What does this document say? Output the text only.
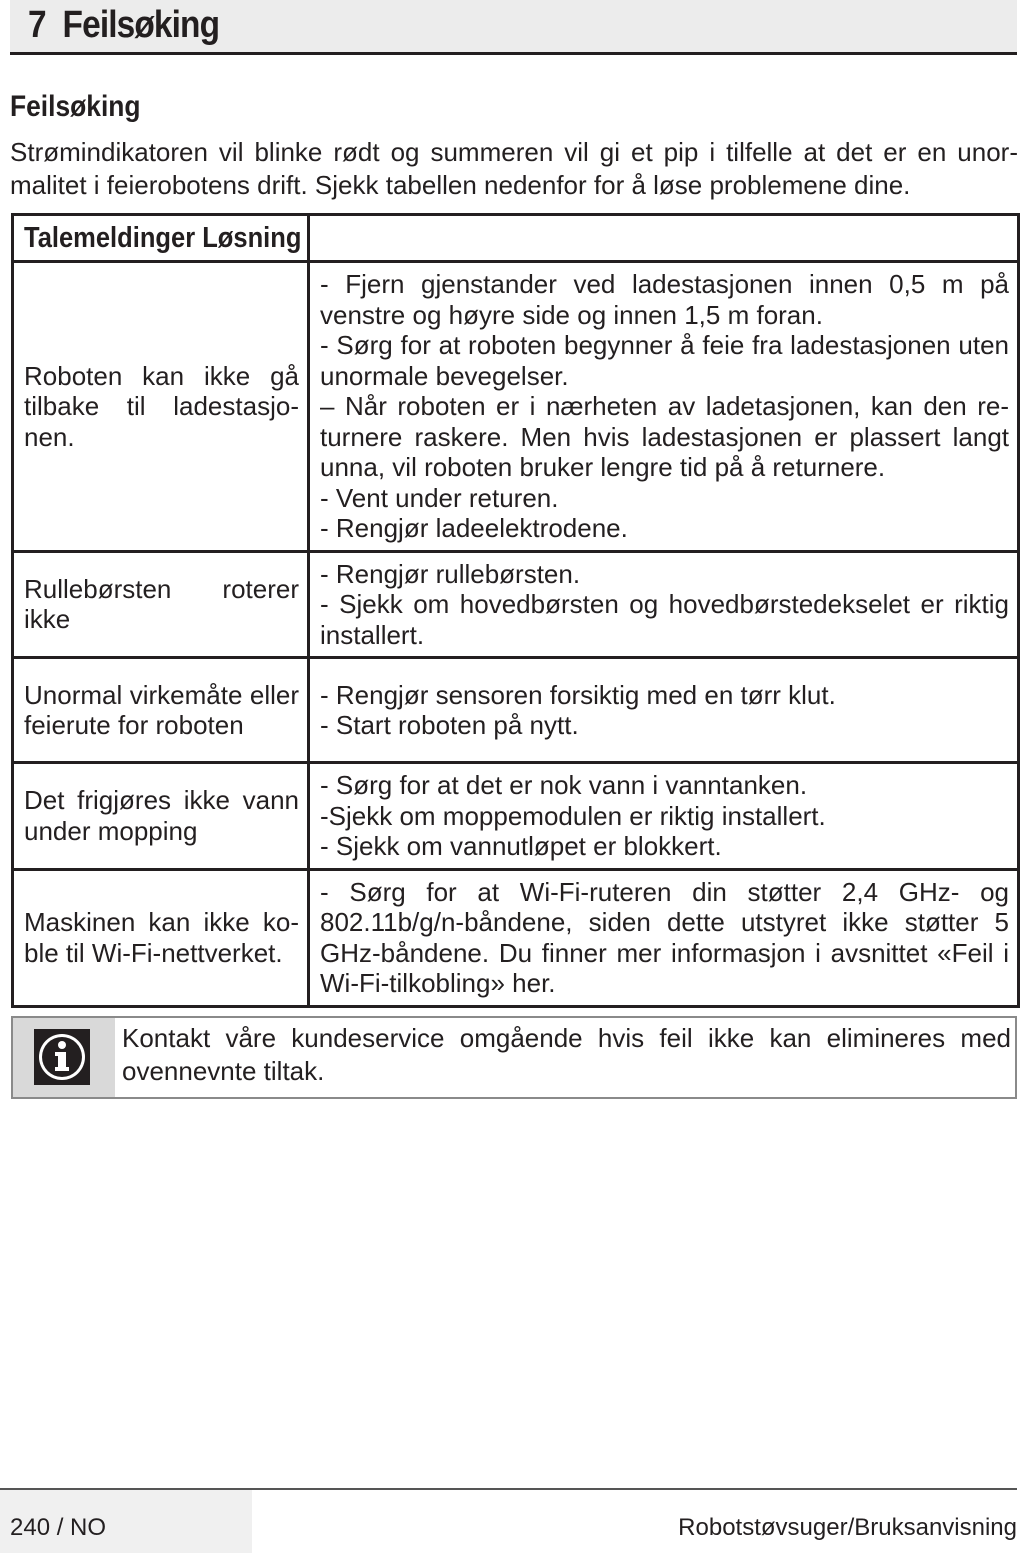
7 Feilsøking
Feilsøking

Strømindikatoren vil blinke rødt og summeren vil gi et pip i tilfelle at det er en unormalitet i feierobotens drift. Sjekk tabellen nedenfor for å løse problemene dine.

Talemeldinger Løsning	
Roboten kan ikke gå tilbake til ladestasjonen.	- Fjern gjenstander ved ladestasjonen innen 0,5 m på venstre og høyre side og innen 1,5 m foran.
- Sørg for at roboten begynner å feie fra ladestasjonen uten unormale bevegelser.
– Når roboten er i nærheten av ladetasjonen, kan den returnere raskere. Men hvis ladestasjonen er plassert langt unna, vil roboten bruker lengre tid på å returnere.
- Vent under returen.
- Rengjør ladeelektrodene.

Rullebørsten roterer ikke	- Rengjør rullebørsten.
- Sjekk om hovedbørsten og hovedbørstedekselet er riktig installert.

Unormal virkemåte eller feierute for roboten	- Rengjør sensoren forsiktig med en tørr klut.
- Start roboten på nytt.

Det frigjøres ikke vann under mopping	- Sørg for at det er nok vann i vanntanken.
-Sjekk om moppemodulen er riktig installert.
- Sjekk om vannutløpet er blokkert.

Maskinen kan ikke koble til Wi-Fi-nettverket.	- Sørg for at Wi-Fi-ruteren din støtter 2,4 GHz- og 802.11b/g/n-båndene, siden dette utstyret ikke støtter 5 GHz-båndene. Du finner mer informasjon i avsnittet «Feil i Wi-Fi-tilkobling» her.

Kontakt våre kundeservice omgående hvis feil ikke kan elimineres med ovennevnte tiltak.

240 / NO	Robotstøvsuger/Bruksanvisning
